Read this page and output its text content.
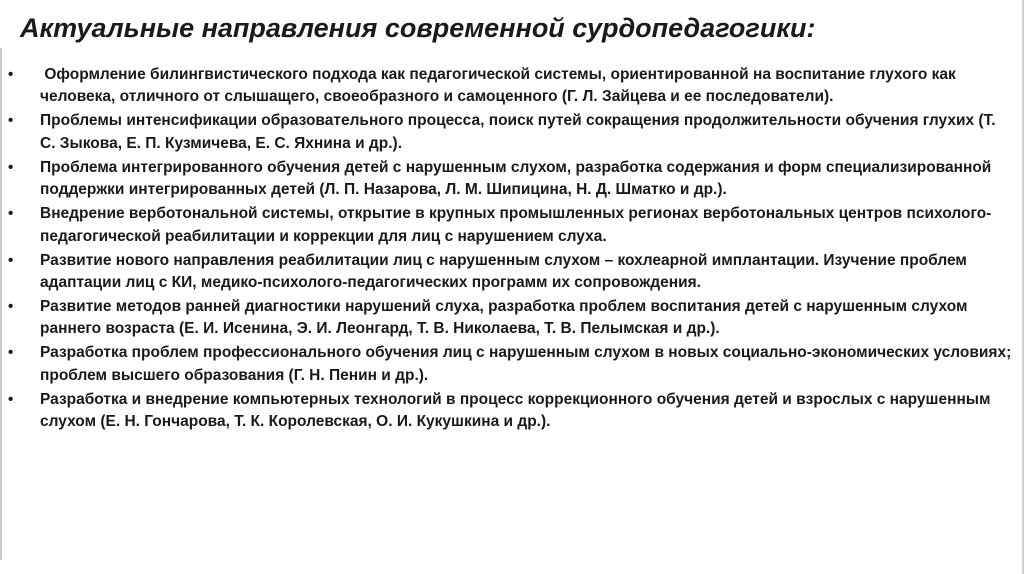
Актуальные направления современной сурдопедагогики:
• Оформление билингвистического подхода как педагогической системы, ориентированной на воспитание глухого как человека, отличного от слышащего, своеобразного и самоценного (Г. Л. Зайцева и ее последователи).
• Проблемы интенсификации образовательного процесса, поиск путей сокращения продолжительности обучения глухих (Т. С. Зыкова, Е. П. Кузмичева, Е. С. Яхнина и др.).
• Проблема интегрированного обучения детей с нарушенным слухом, разработка содержания и форм специализированной поддержки интегрированных детей (Л. П. Назарова, Л. М. Шипицина, Н. Д. Шматко и др.).
• Внедрение верботональной системы, открытие в крупных промышленных регионах верботональных центров психолого-педагогической реабилитации и коррекции для лиц с нарушением слуха.
• Развитие нового направления реабилитации лиц с нарушенным слухом – кохлеарной имплантации. Изучение проблем адаптации лиц с КИ, медико-психолого-педагогических программ их сопровождения.
• Развитие методов ранней диагностики нарушений слуха, разработка проблем воспитания детей с нарушенным слухом раннего возраста (Е. И. Исенина, Э. И. Леонгард, Т. В. Николаева, Т. В. Пелымская и др.).
• Разработка проблем профессионального обучения лиц с нарушенным слухом в новых социально-экономических условиях; проблем высшего образования (Г. Н. Пенин и др.).
• Разработка и внедрение компьютерных технологий в процесс коррекционного обучения детей и взрослых с нарушенным слухом (Е. Н. Гончарова, Т. К. Королевская, О. И. Кукушкина и др.).
